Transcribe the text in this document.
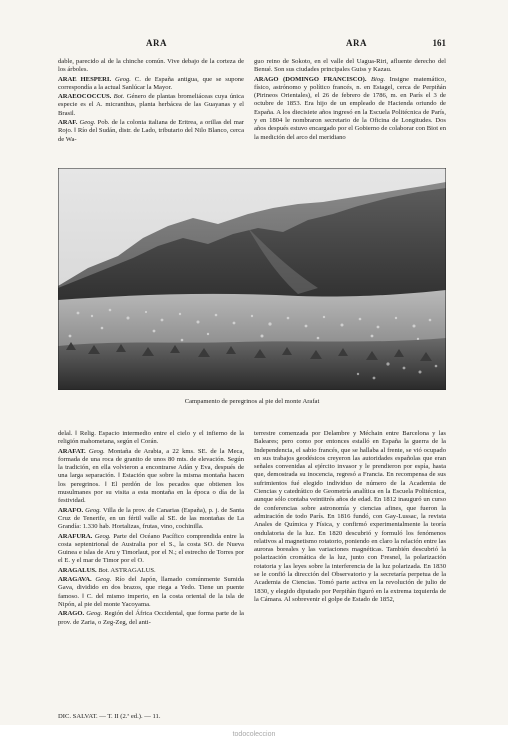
ARA	ARA	161

dable, parecido al de la chinche común. Vive debajo de la corteza de los árboles.

ARAE HESPERI. Geog. C. de España antigua, que se supone correspondía a la actual Sanlúcar la Mayor.

ARAEOCOCCUS. Bot. Género de plantas bromeliáceas cuya única especie es el A. micranthus, planta herbácea de las Guayanas y el Brasil.

ARAF. Geog. Pob. de la colonia italiana de Eritrea, a orillas del mar Rojo. ‖ Río del Sudán, distr. de Lado, tributario del Nilo Blanco, cerca de Wa-

guo reino de Sokoto, en el valle del Uagua-Riri, afluente derecho del Benué. Son sus ciudades principales Guiss y Kazau.

ARAGO (DOMINGO FRANCISCO). Biog. Insigne matemático, físico, astrónomo y político francés, n. en Estagel, cerca de Perpiñán (Pirineos Orientales), el 26 de febrero de 1786, m. en París el 3 de octubre de 1853. Era hijo de un empleado de Hacienda oriundo de España. A los diecisiete años ingresó en la Escuela Politécnica de París, y en 1804 le nombraron secretario de la Oficina de Longitudes. Dos años después estuvo encargado por el Gobierno de colaborar con Biot en la medición del arco del meridiano

Campamento de peregrinos al pie del monte Arafat

delal. ‖ Relig. Espacio intermedio entre el cielo y el infierno de la religión mahometana, según el Corán.

ARAFAT. Geog. Montaña de Arabia, a 22 kms. SE. de la Meca, formada de una roca de granito de unos 80 mts. de elevación. Según la tradición, en ella volvieron a encontrarse Adán y Eva, después de una larga separación. ‖ Estación que sobre la misma montaña hacen los peregrinos. ‖ El perdón de los pecados que obtienen los musulmanes por su visita a esta montaña en la época o día de la festividad.

ARAFO. Geog. Villa de la prov. de Canarias (España), p. j. de Santa Cruz de Tenerife, en un fértil valle al SE. de las montañas de La Grandía: 1.330 hab. Hortalizas, frutas, vino, cochinilla.

ARAFURA. Geog. Parte del Océano Pacífico comprendida entre la costa septentrional de Australia por el S., la costa SO. de Nueva Guinea e islas de Aru y Timorlaut, por el N.; el estrecho de Torres por el E. y el mar de Timor por el O.

ARAGALUS. Bot. ASTRAGALUS.

ARAGAVA. Geog. Río del Japón, llamado comúnmente Sumida Gava, dividido en dos brazos, que riega a Yedo. Tiene un puente famoso. ‖ C. del mismo imperio, en la costa oriental de la isla de Nipón, al pie del monte Yacoyama.

ARAGO. Geog. Región del África Occidental, que forma parte de la prov. de Zaria, o Zeg-Zeg, del anti-

terrestre comenzada por Delambre y Méchain entre Barcelona y las Baleares; pero como por entonces estalló en España la guerra de la Independencia, el sabio francés, que se hallaba al frente, se vió ocupado en sus trabajos geodésicos creyeron las autoridades españolas que eran señales convenidas al ejército invasor y le prendieron por espía, hasta que, demostrada su inocencia, regresó a Francia. En recompensa de sus sufrimientos fué elegido individuo de número de la Academia de Ciencias y catedrático de Geometría analítica en la Escuela Politécnica, aunque sólo contaba veintitrés años de edad. En 1812 inauguró un curso de conferencias sobre astronomía y ciencias afines, que fueron la admiración de todo París. En 1816 fundó, con Gay-Lussac, la revista Anales de Química y Física, y confirmó experimentalmente la teoría ondulatoria de la luz. En 1820 descubrió y formuló los fenómenos relativos al magnetismo rotatorio, poniendo en claro la relación entre las auroras boreales y las variaciones magnéticas. También descubrió la polarización cromática de la luz, junto con Fresnel, la polarización rotatoria y las leyes sobre la interferencia de la luz polarizada. En 1830 se le confió la dirección del Observatorio y la secretaría perpetua de la Academia de Ciencias. Tomó parte activa en la revolución de julio de 1830, y elegido diputado por Perpiñán figuró en la extrema izquierda de la Cámara. Al sobrevenir el golpe de Estado de 1852,

DIC. SALVAT. — T. II (2.ª ed.). — 11.
todocoleccion
